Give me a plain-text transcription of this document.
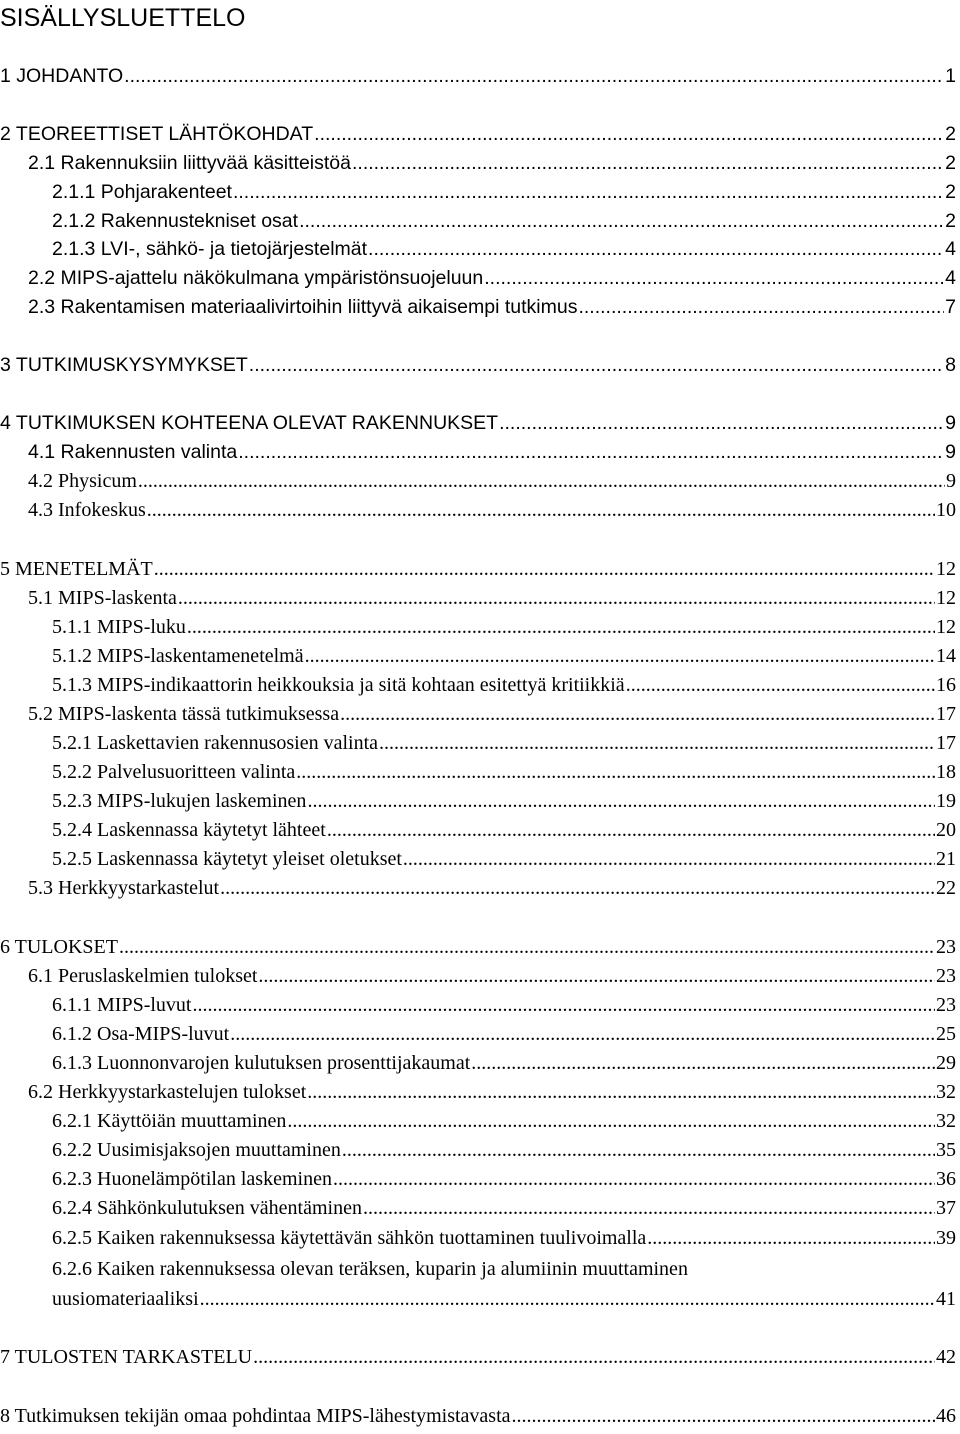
SISÄLLYSLUETTELO
1 JOHDANTO .....	1
2 TEOREETTISET LÄHTÖKOHDAT .....	2
2.1 Rakennuksiin liittyvää käsitteistöä .....	2
2.1.1 Pohjarakenteet .....	2
2.1.2 Rakennustekniset osat .....	2
2.1.3 LVI-, sähkö- ja tietojärjestelmät .....	4
2.2 MIPS-ajattelu näkökulmana ympäristönsuojeluun .....	4
2.3 Rakentamisen materiaalivirtoihin liittyvä aikaisempi tutkimus .....	7
3 TUTKIMUSKYSYMYKSET .....	8
4 TUTKIMUKSEN KOHTEENA OLEVAT RAKENNUKSET .....	9
4.1 Rakennusten valinta .....	9
4.2 Physicum .....	9
4.3 Infokeskus .....	10
5 MENETELMÄT .....	12
5.1 MIPS-laskenta .....	12
5.1.1 MIPS-luku .....	12
5.1.2 MIPS-laskentamenetelmä .....	14
5.1.3 MIPS-indikaattorin heikkouksia ja sitä kohtaan esitettyä kritiikkiä .....	16
5.2 MIPS-laskenta tässä tutkimuksessa .....	17
5.2.1 Laskettavien rakennusosien valinta .....	17
5.2.2 Palvelusuoritteen valinta .....	18
5.2.3 MIPS-lukujen laskeminen .....	19
5.2.4 Laskennassa käytetyt lähteet .....	20
5.2.5 Laskennassa käytetyt yleiset oletukset .....	21
5.3 Herkkyystarkastelut .....	22
6 TULOKSET .....	23
6.1 Peruslaskelmien tulokset .....	23
6.1.1 MIPS-luvut .....	23
6.1.2 Osa-MIPS-luvut .....	25
6.1.3 Luonnonvarojen kulutuksen prosenttijakaumat .....	29
6.2 Herkkyystarkastelujen tulokset .....	32
6.2.1 Käyttöiän muuttaminen .....	32
6.2.2 Uusimisjaksojen muuttaminen .....	35
6.2.3 Huonelämpötilan laskeminen .....	36
6.2.4 Sähkönkulutuksen vähentäminen .....	37
6.2.5 Kaiken rakennuksessa käytettävän sähkön tuottaminen tuulivoimalla .....	39
6.2.6 Kaiken rakennuksessa olevan teräksen, kuparin ja alumiinin muuttaminen
uusiomateriaaliksi .....	41
7 TULOSTEN TARKASTELU .....	42
8 Tutkimuksen tekijän omaa pohdintaa MIPS-lähestymistavasta .....	46
